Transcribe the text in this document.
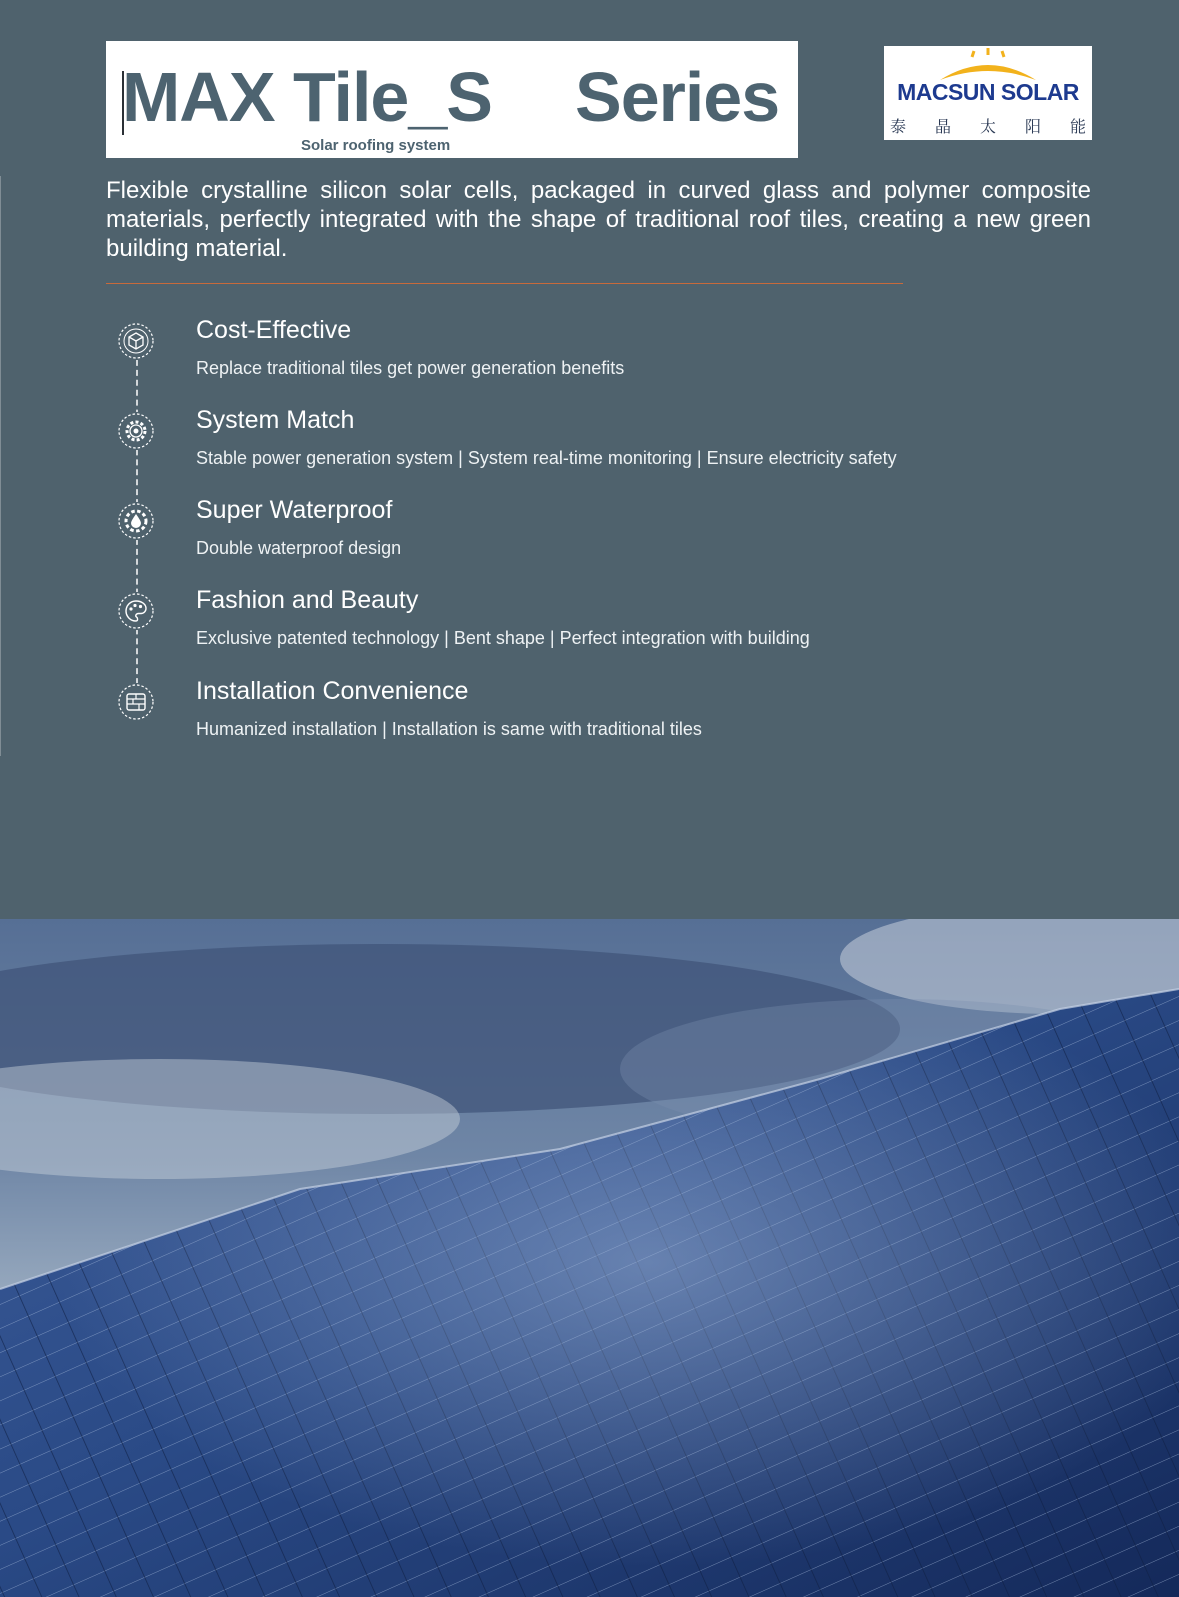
MAX Tile_S Series
Solar roofing system
MACSUN SOLAR
泰 晶 太 阳 能
Flexible crystalline silicon solar cells, packaged in curved glass and polymer composite materials, perfectly integrated with the shape of traditional roof tiles, creating a new green building material.
Cost-Effective
Replace traditional tiles get power generation benefits
System Match
Stable power generation system | System real-time monitoring | Ensure electricity safety
Super Waterproof
Double waterproof design
Fashion and Beauty
Exclusive patented technology | Bent shape | Perfect integration with building
Installation Convenience
Humanized installation | Installation is same with traditional tiles
